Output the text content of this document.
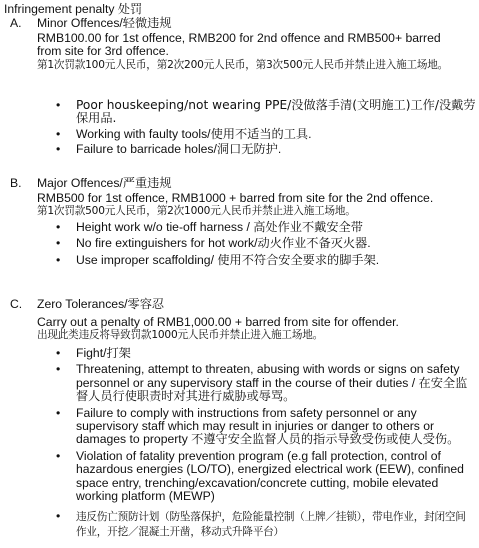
Infringement penalty 处罚
A. Minor Offences/轻微违规
RMB100.00 for 1st offence, RMB200 for 2nd offence and RMB500+ barred from site for 3rd offence.
第1次罚款100元人民币，第2次200元人民币，第3次500元人民币并禁止进入施工场地。
• Poor houskeeping/not wearing PPE/没做落手清(文明施工)工作/没戴劳保用品.
• Working with faulty tools/使用不适当的工具.
• Failure to barricade holes/洞口无防护.
B. Major Offences/严重违规
RMB500 for 1st offence, RMB1000 + barred from site for the 2nd offence.
第1次罚款500元人民币，第2次1000元人民币并禁止进入施工场地。
• Height work w/o tie-off harness / 高处作业不戴安全带
• No fire extinguishers for hot work/动火作业不备灭火器.
• Use improper scaffolding/ 使用不符合安全要求的脚手架.
C. Zero Tolerances/零容忍
Carry out a penalty of RMB1,000.00 + barred from site for offender.
出现此类违反将导致罚款1000元人民币并禁止进入施工场地。
• Fight/打架
• Threatening, attempt to threaten, abusing with words or signs on safety personnel or any supervisory staff in the course of their duties / 在安全监督人员行使职责时对其进行威胁或辱骂。
• Failure to comply with instructions from safety personnel or any supervisory staff which may result in injuries or danger to others or damages to property 不遵守安全监督人员的指示导致受伤或使人受伤。
• Violation of fatality prevention program (e.g fall protection, control of hazardous energies (LO/TO), energized electrical work (EEW), confined space entry, trenching/excavation/concrete cutting, mobile elevated working platform (MEWP)
• 违反伤亡预防计划（防坠落保护，危险能量控制（上牌／挂锁），带电作业，封闭空间作业，开挖／混凝土开凿，移动式升降平台）
